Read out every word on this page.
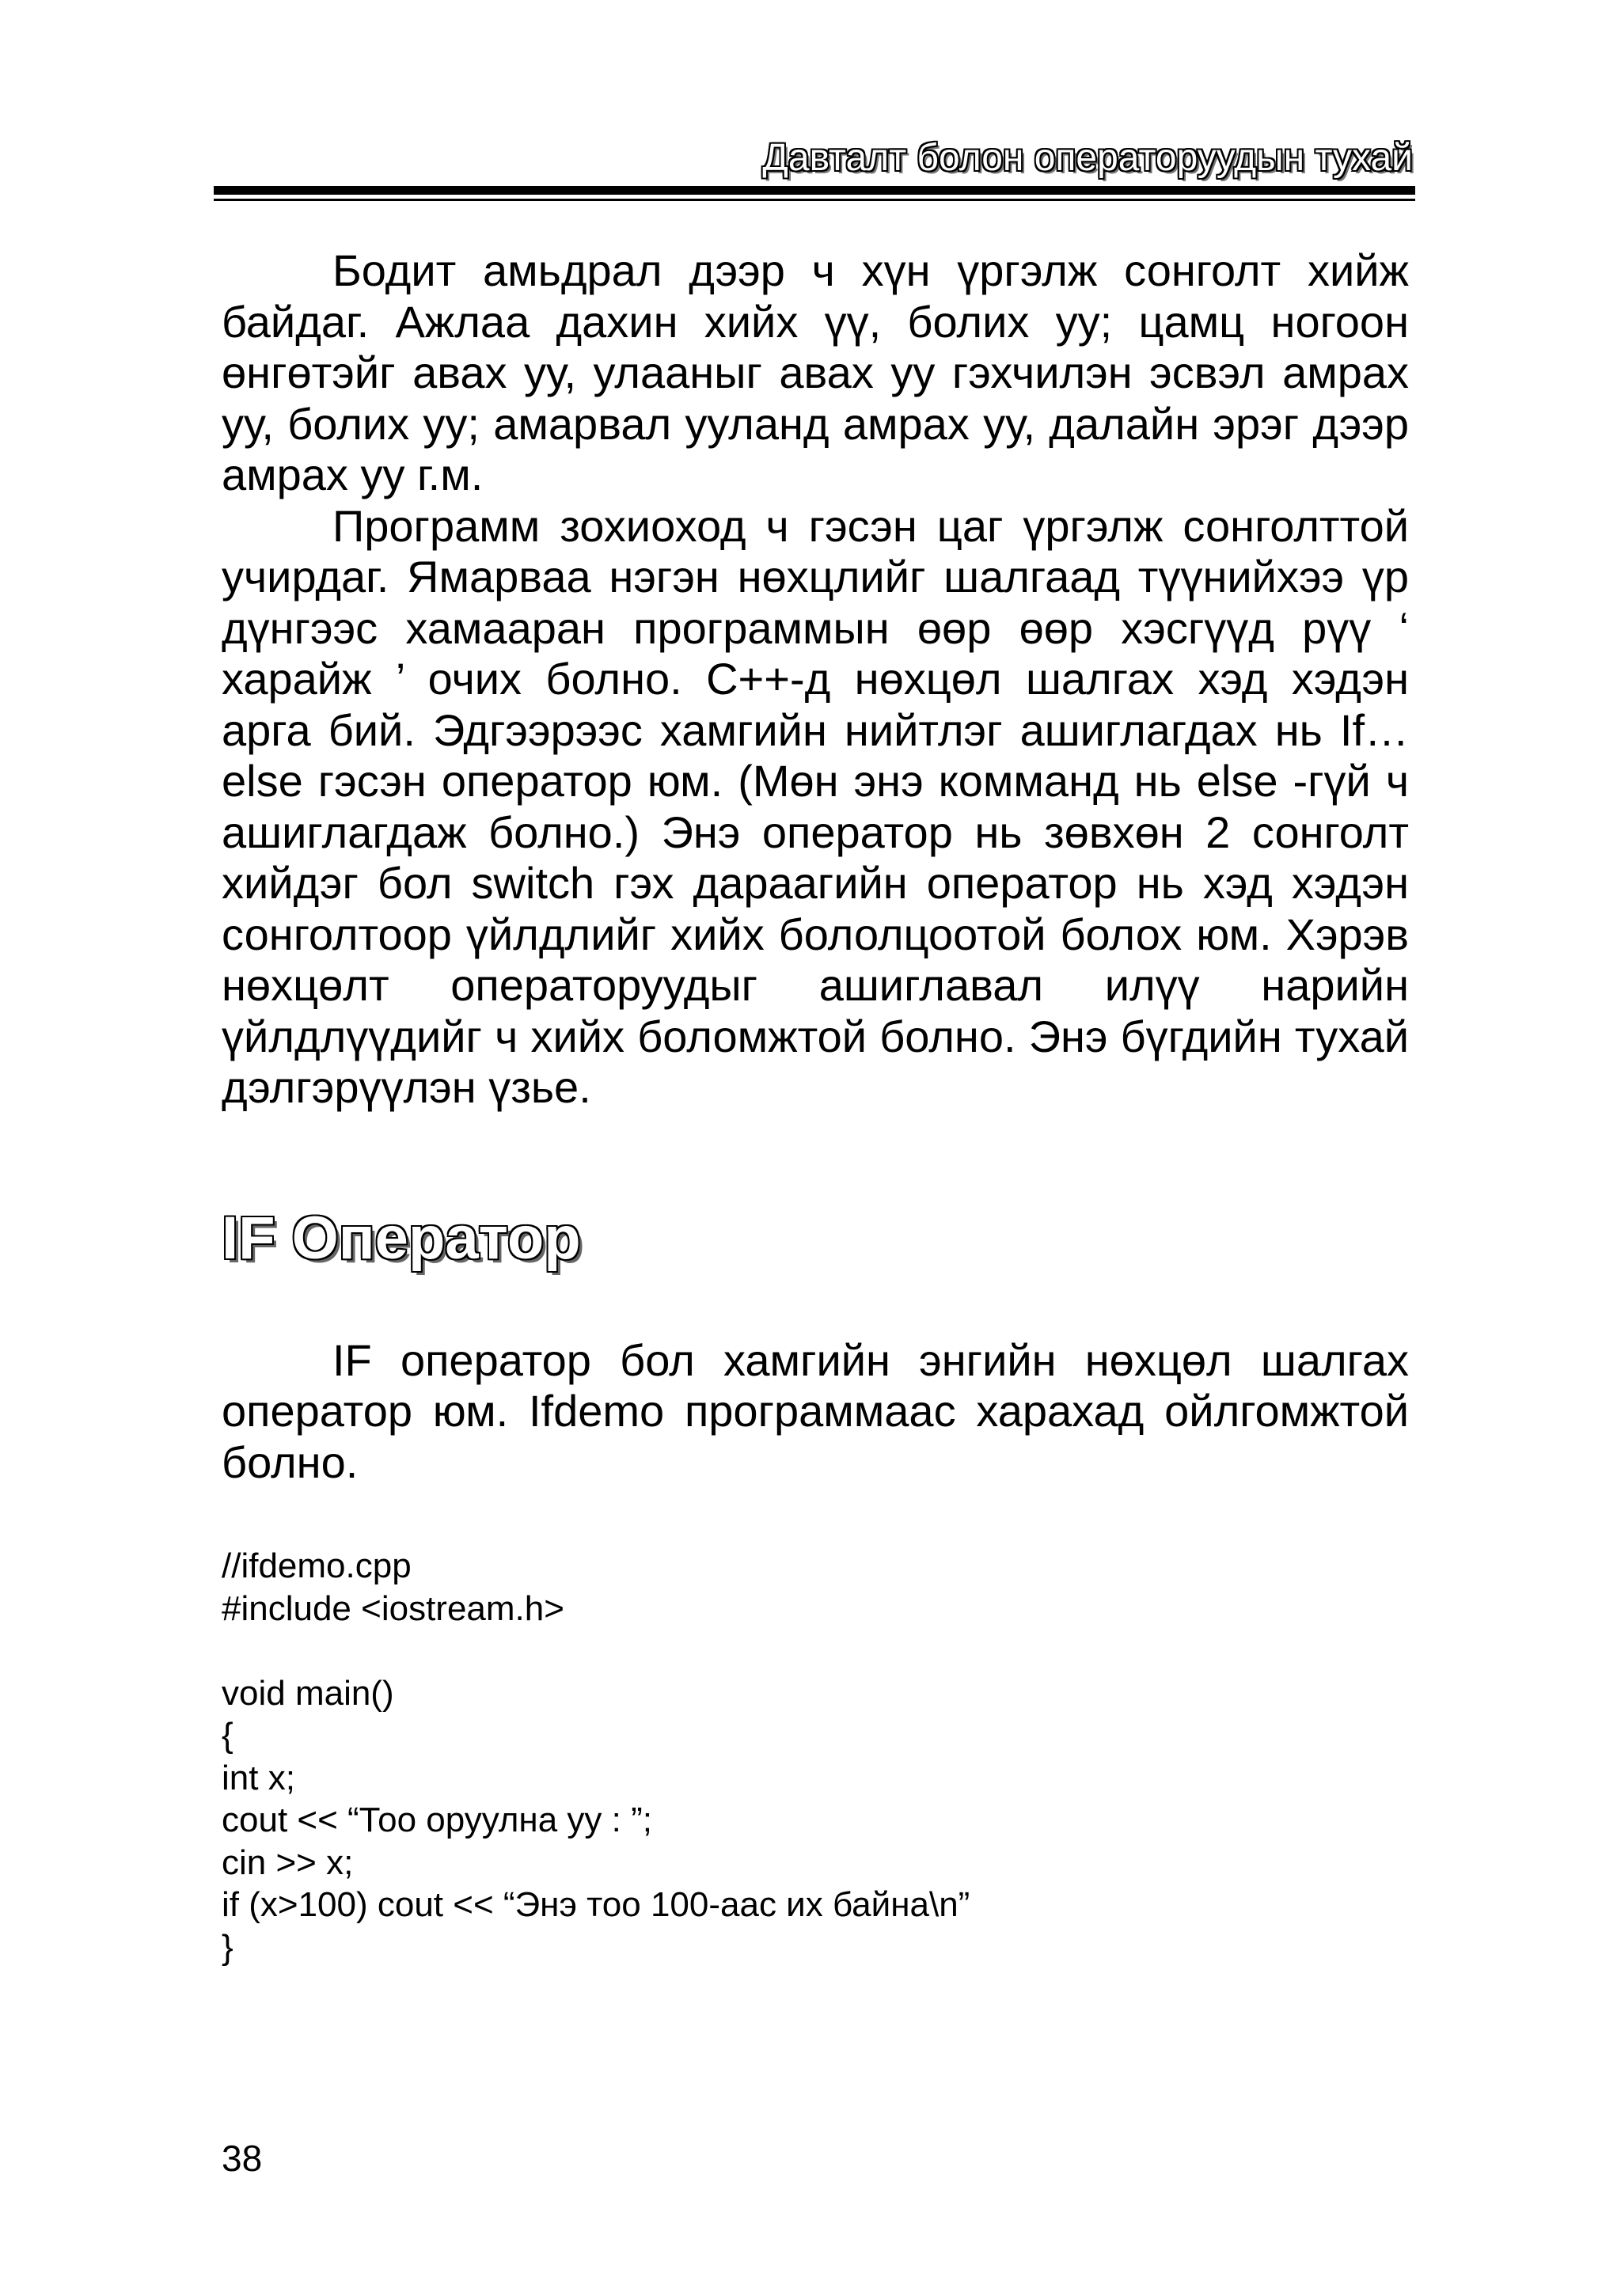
Давталт болон операторуудын тухай

Бодит амьдрал дээр ч хүн үргэлж сонголт хийж байдаг. Ажлаа дахин хийх үү, болих уу; цамц ногоон өнгөтэйг авах уу, улааныг авах уу гэхчилэн эсвэл амрах уу, болих уу; амарвал ууланд амрах уу, далайн эрэг дээр амрах уу г.м.

Программ зохиоход ч гэсэн цаг үргэлж сонголттой учирдаг. Ямарваа нэгэн нөхцлийг шалгаад түүнийхээ үр дүнгээс хамааран программын өөр өөр хэсгүүд рүү ‘ харайж ’ очих болно. С++-д нөхцөл шалгах хэд хэдэн арга бий. Эдгээрээс хамгийн нийтлэг ашиглагдах нь If…else гэсэн оператор юм. (Мөн энэ комманд нь else -гүй ч ашиглагдаж болно.) Энэ оператор нь зөвхөн 2 сонголт хийдэг бол switch гэх дараагийн оператор нь хэд хэдэн сонголтоор үйлдлийг хийх бололцоотой болох юм. Хэрэв нөхцөлт операторуудыг ашиглавал илүү нарийн үйлдлүүдийг ч хийх боломжтой болно. Энэ бүгдийн тухай дэлгэрүүлэн үзье.

IF Оператор

IF оператор бол хамгийн энгийн нөхцөл шалгах оператор юм. Ifdemo программаас харахад ойлгомжтой болно.

//ifdemo.cpp
#include <iostream.h>
void main()
{
int x;
cout << “Тоо оруулна уу : ”;
cin >> x;
if (x>100) cout << “Энэ тоо 100-аас их байна\n”
}
38
